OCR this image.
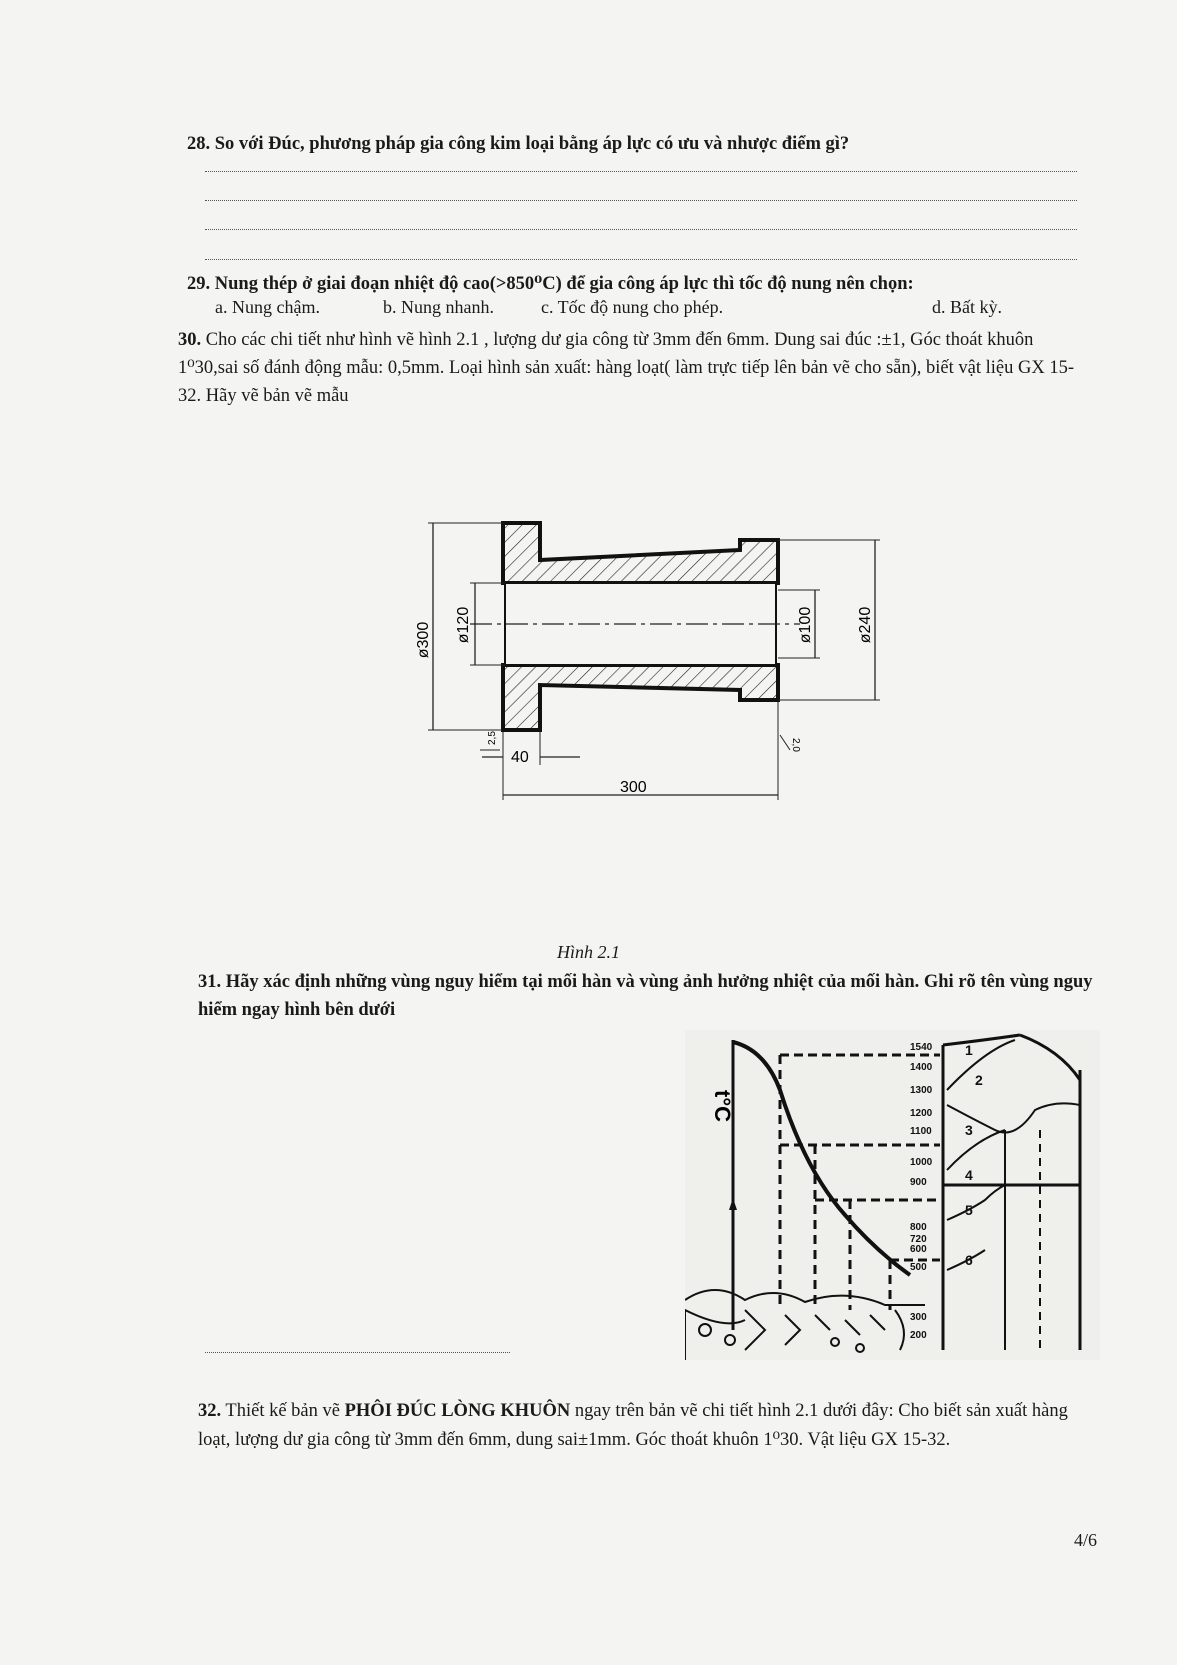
28. So với Đúc, phương pháp gia công kim loại bằng áp lực có ưu và nhược điểm gì?
29. Nung thép ở giai đoạn nhiệt độ cao(>850⁰C) để gia công áp lực thì tốc độ nung nên chọn:
a. Nung chậm.	b. Nung nhanh.	c. Tốc độ nung cho phép.	d. Bất kỳ.
30. Cho các chi tiết như hình vẽ hình 2.1 , lượng dư gia công từ 3mm đến 6mm. Dung sai đúc :±1, Góc thoát khuôn 1⁰30,sai số đánh động mẫu: 0,5mm. Loại hình sản xuất: hàng loạt( làm trực tiếp lên bản vẽ cho sẵn), biết vật liệu GX 15-32. Hãy vẽ bản vẽ mẫu
ø300 ø120	ø100	ø240
40
2,5	2,0
300
Hình 2.1
31. Hãy xác định những vùng nguy hiểm tại mối hàn và vùng ảnh hưởng nhiệt của mối hàn. Ghi rõ tên vùng nguy hiểm ngay hình bên dưới
t°C
1540
1400
1300
1200
1100
1000
900
800
720
600
500
300
200
1
2
3
4
5
6
32. Thiết kế bản vẽ PHÔI ĐÚC LÒNG KHUÔN ngay trên bản vẽ chi tiết hình 2.1 dưới đây: Cho biết sản xuất hàng loạt, lượng dư gia công từ 3mm đến 6mm, dung sai±1mm. Góc thoát khuôn 1⁰30. Vật liệu GX 15-32.
4/6
